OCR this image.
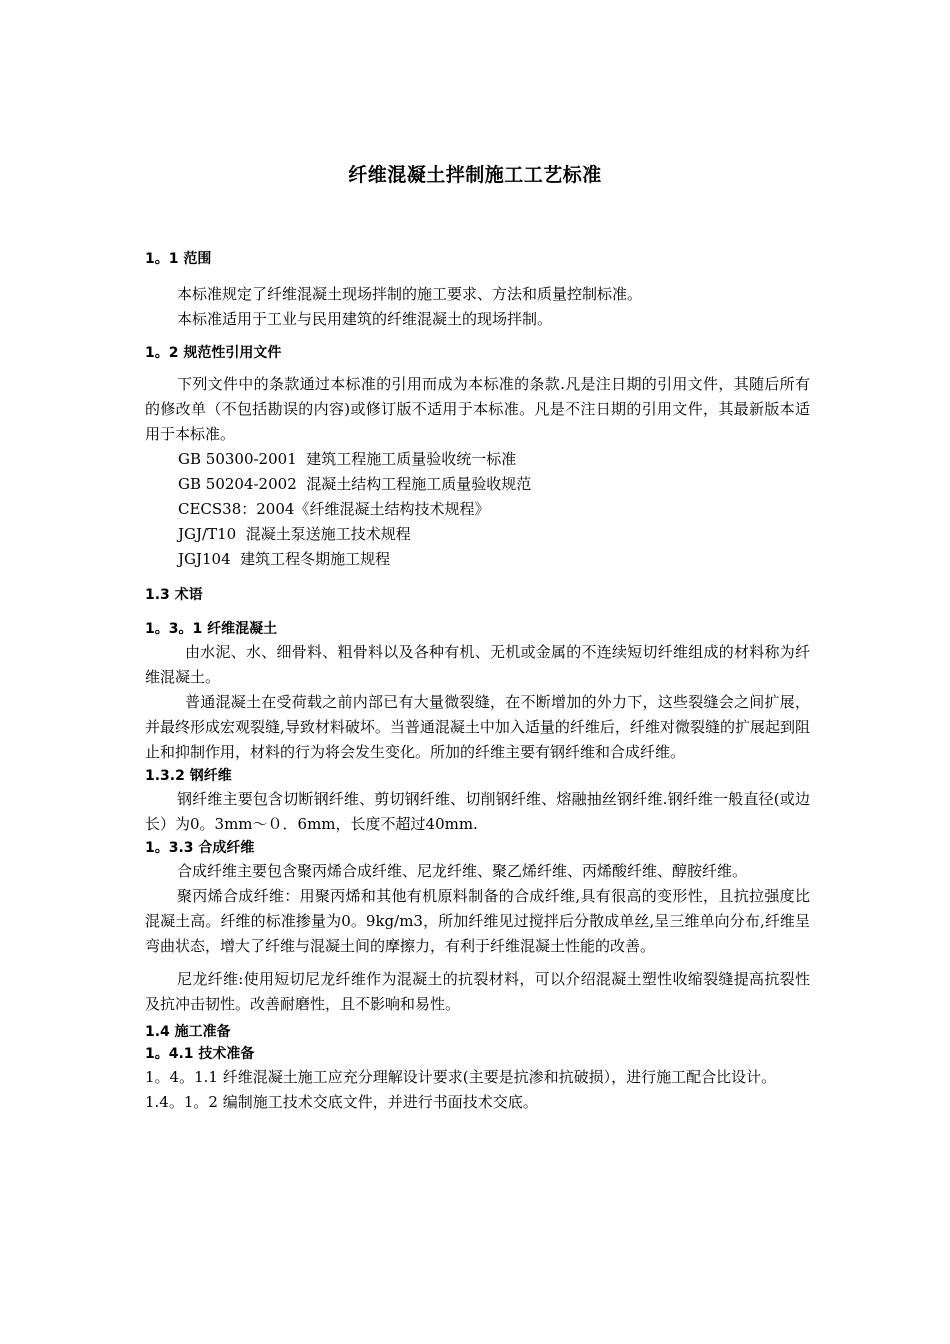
纤维混凝土拌制施工工艺标准
1。1 范围

本标准规定了纤维混凝土现场拌制的施工要求、方法和质量控制标准。

本标准适用于工业与民用建筑的纤维混凝土的现场拌制。

1。2 规范性引用文件

下列文件中的条款通过本标准的引用而成为本标准的条款.凡是注日期的引用文件，其随后所有的修改单（不包括勘误的内容)或修订版不适用于本标准。凡是不注日期的引用文件，其最新版本适用于本标准。

GB 50300-2001  建筑工程施工质量验收统一标准
GB 50204-2002  混凝土结构工程施工质量验收规范
CECS38：2004《纤维混凝土结构技术规程》
JGJ/T10  混凝土泵送施工技术规程
JGJ104  建筑工程冬期施工规程
1.3 术语
1。3。1 纤维混凝土

由水泥、水、细骨料、粗骨料以及各种有机、无机或金属的不连续短切纤维组成的材料称为纤维混凝土。

普通混凝土在受荷载之前内部已有大量微裂缝，在不断增加的外力下，这些裂缝会之间扩展，并最终形成宏观裂缝,导致材料破坏。当普通混凝土中加入适量的纤维后，纤维对微裂缝的扩展起到阻止和抑制作用，材料的行为将会发生变化。所加的纤维主要有钢纤维和合成纤维。

1.3.2 钢纤维

钢纤维主要包含切断钢纤维、剪切钢纤维、切削钢纤维、熔融抽丝钢纤维.钢纤维一般直径(或边长）为0。3mm～０．6mm，长度不超过40mm.

1。3.3 合成纤维

合成纤维主要包含聚丙烯合成纤维、尼龙纤维、聚乙烯纤维、丙烯酸纤维、醇胺纤维。

聚丙烯合成纤维：用聚丙烯和其他有机原料制备的合成纤维,具有很高的变形性，且抗拉强度比混凝土高。纤维的标准掺量为0。9kg/m3，所加纤维见过搅拌后分散成单丝,呈三维单向分布,纤维呈弯曲状态，增大了纤维与混凝土间的摩擦力，有利于纤维混凝土性能的改善。

尼龙纤维:使用短切尼龙纤维作为混凝土的抗裂材料，可以介绍混凝土塑性收缩裂缝提高抗裂性及抗冲击韧性。改善耐磨性，且不影响和易性。

1.4 施工准备
1。4.1 技术准备

1。4。1.1 纤维混凝土施工应充分理解设计要求(主要是抗渗和抗破损），进行施工配合比设计。

1.4。1。2 编制施工技术交底文件，并进行书面技术交底。
